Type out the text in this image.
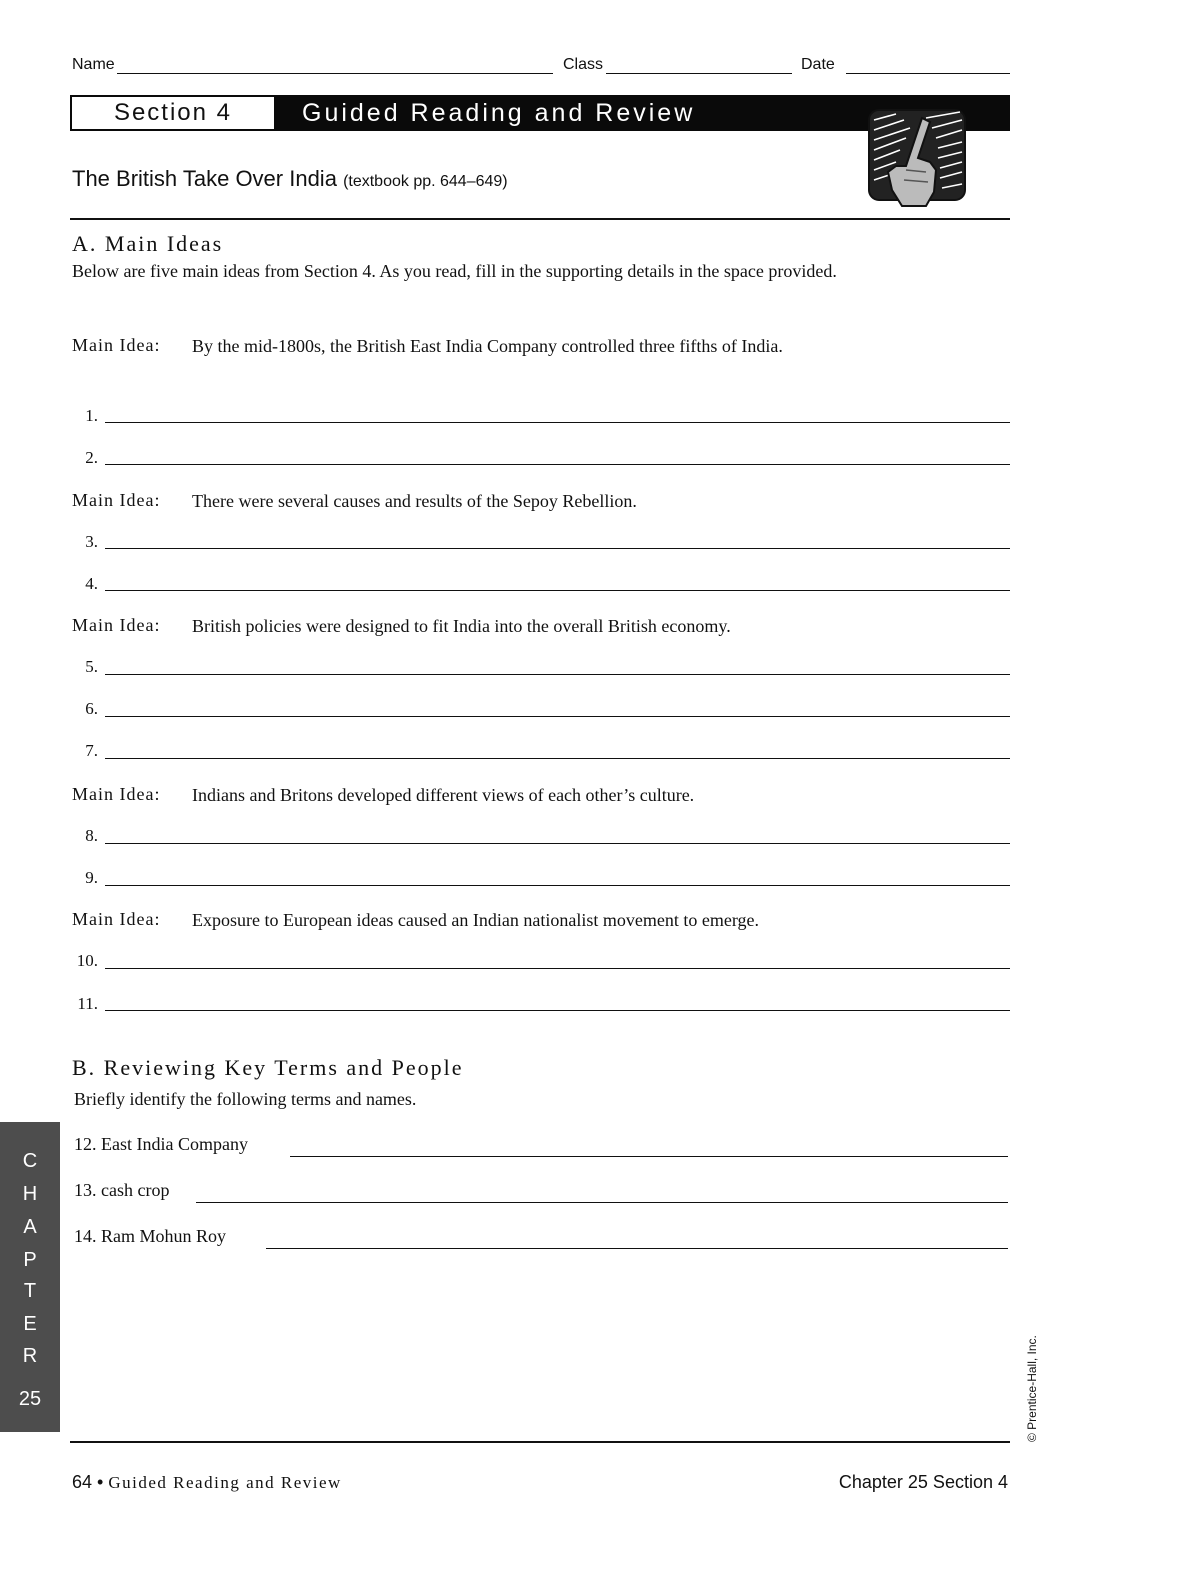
Name	Class	Date
Section 4	Guided Reading and Review
The British Take Over India (textbook pp. 644–649)
A. Main Ideas
Below are five main ideas from Section 4. As you read, fill in the supporting details in the space provided.
Main Idea: By the mid-1800s, the British East India Company controlled three fifths of India.
1.
2.
Main Idea: There were several causes and results of the Sepoy Rebellion.
3.
4.
Main Idea: British policies were designed to fit India into the overall British economy.
5.
6.
7.
Main Idea: Indians and Britons developed different views of each other’s culture.
8.
9.
Main Idea: Exposure to European ideas caused an Indian nationalist movement to emerge.
10.
11.
B. Reviewing Key Terms and People
Briefly identify the following terms and names.
12. East India Company
13. cash crop
14. Ram Mohun Roy
C
H
A
P
T
E
R
25	© Prentice-Hall, Inc.
64 • Guided Reading and Review	Chapter 25 Section 4
